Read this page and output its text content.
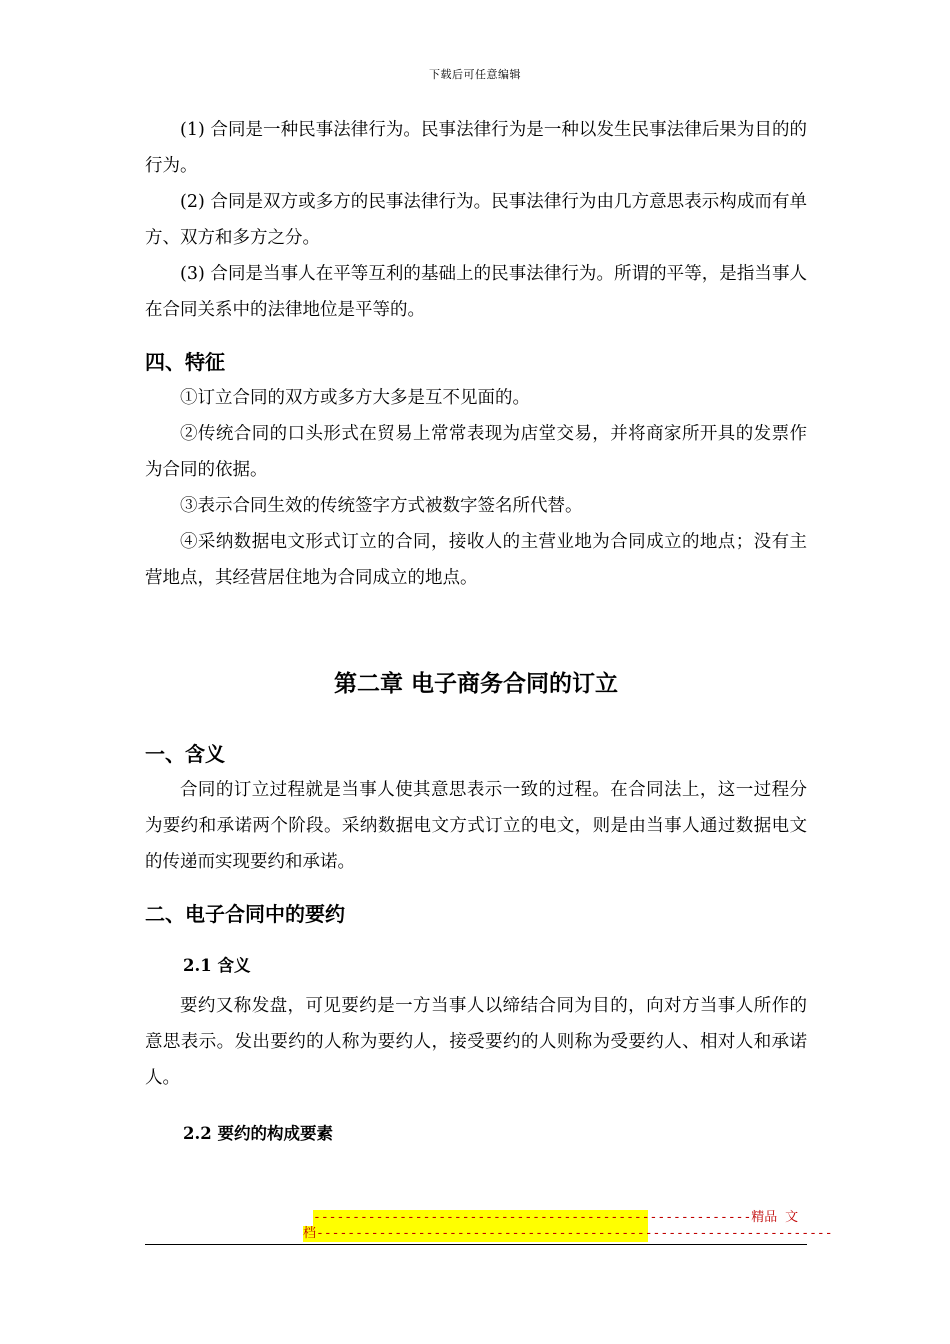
下载后可任意编辑

(1) 合同是一种民事法律行为。民事法律行为是一种以发生民事法律后果为目的的行为。

(2) 合同是双方或多方的民事法律行为。民事法律行为由几方意思表示构成而有单方、双方和多方之分。

(3) 合同是当事人在平等互利的基础上的民事法律行为。所谓的平等，是指当事人在合同关系中的法律地位是平等的。

四、特征

①订立合同的双方或多方大多是互不见面的。

②传统合同的口头形式在贸易上常常表现为店堂交易，并将商家所开具的发票作为合同的依据。

③表示合同生效的传统签字方式被数字签名所代替。

④采纳数据电文形式订立的合同，接收人的主营业地为合同成立的地点；没有主营地点，其经营居住地为合同成立的地点。

第二章 电子商务合同的订立
一、含义

合同的订立过程就是当事人使其意思表示一致的过程。在合同法上，这一过程分为要约和承诺两个阶段。采纳数据电文方式订立的电文，则是由当事人通过数据电文的传递而实现要约和承诺。

二、电子合同中的要约
2.1 含义

要约又称发盘，可见要约是一方当事人以缔结合同为目的，向对方当事人所作的意思表示。发出要约的人称为要约人，接受要约的人则称为受要约人、相对人和承诺人。

2.2 要约的构成要素
--------------------------------------------------------精品 文
档------------------------------------------------------------------
